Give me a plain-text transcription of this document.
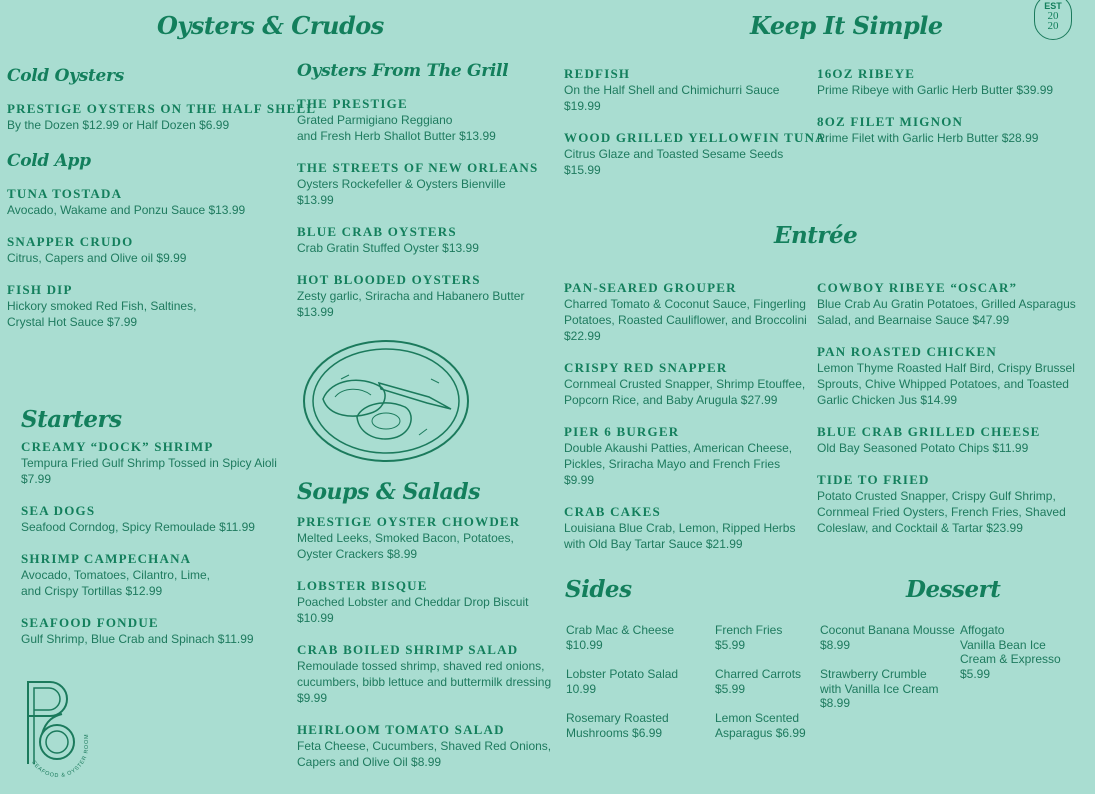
EST
20
20
Oysters & Crudos
Cold Oysters
PRESTIGE OYSTERS ON THE HALF SHELL
By the Dozen $12.99 or Half Dozen $6.99
Cold App
TUNA TOSTADA
Avocado, Wakame and Ponzu Sauce $13.99
SNAPPER CRUDO
Citrus, Capers and Olive oil $9.99
FISH DIP
Hickory smoked Red Fish, Saltines,
Crystal Hot Sauce $7.99
Starters
CREAMY “DOCK” SHRIMP
Tempura Fried Gulf Shrimp Tossed in Spicy Aioli
$7.99
SEA DOGS
Seafood Corndog, Spicy Remoulade $11.99
SHRIMP CAMPECHANA
Avocado, Tomatoes, Cilantro, Lime,
and Crispy Tortillas $12.99
SEAFOOD FONDUE
Gulf Shrimp, Blue Crab and Spinach $11.99
SEAFOOD & OYSTER ROOM
Oysters From The Grill
THE PRESTIGE
Grated Parmigiano Reggiano
and Fresh Herb Shallot Butter $13.99
THE STREETS OF NEW ORLEANS
Oysters Rockefeller & Oysters Bienville
$13.99
BLUE CRAB OYSTERS
Crab Gratin Stuffed Oyster $13.99
HOT BLOODED OYSTERS
Zesty garlic, Sriracha and Habanero Butter
$13.99
Soups & Salads
PRESTIGE OYSTER CHOWDER
Melted Leeks, Smoked Bacon, Potatoes,
Oyster Crackers $8.99
LOBSTER BISQUE
Poached Lobster and Cheddar Drop Biscuit
$10.99
CRAB BOILED SHRIMP SALAD
Remoulade tossed shrimp, shaved red onions,
cucumbers, bibb lettuce and buttermilk dressing
$9.99
HEIRLOOM TOMATO SALAD
Feta Cheese, Cucumbers, Shaved Red Onions,
Capers and Olive Oil $8.99
Keep It Simple
REDFISH
On the Half Shell and Chimichurri Sauce
$19.99
WOOD GRILLED YELLOWFIN TUNA
Citrus Glaze and Toasted Sesame Seeds
$15.99
16OZ RIBEYE
Prime Ribeye with Garlic Herb Butter $39.99
8OZ FILET MIGNON
Prime Filet with Garlic Herb Butter $28.99
Entrée
PAN-SEARED GROUPER
Charred Tomato & Coconut Sauce, Fingerling
Potatoes, Roasted Cauliflower, and Broccolini
$22.99
CRISPY RED SNAPPER
Cornmeal Crusted Snapper, Shrimp Etouffee,
Popcorn Rice, and Baby Arugula $27.99
PIER 6 BURGER
Double Akaushi Patties, American Cheese,
Pickles, Sriracha Mayo and French Fries
$9.99
CRAB CAKES
Louisiana Blue Crab, Lemon, Ripped Herbs
with Old Bay Tartar Sauce $21.99
COWBOY RIBEYE “OSCAR”
Blue Crab Au Gratin Potatoes, Grilled Asparagus
Salad, and Bearnaise Sauce $47.99
PAN ROASTED CHICKEN
Lemon Thyme Roasted Half Bird, Crispy Brussel
Sprouts, Chive Whipped Potatoes, and Toasted
Garlic Chicken Jus $14.99
BLUE CRAB GRILLED CHEESE
Old Bay Seasoned Potato Chips $11.99
TIDE TO FRIED
Potato Crusted Snapper, Crispy Gulf Shrimp,
Cornmeal Fried Oysters, French Fries, Shaved
Coleslaw, and Cocktail & Tartar $23.99
Sides
Crab Mac & Cheese
$10.99
Lobster Potato Salad
10.99
Rosemary Roasted
Mushrooms $6.99
French Fries
$5.99
Charred Carrots
$5.99
Lemon Scented
Asparagus $6.99
Dessert
Coconut Banana Mousse
$8.99
Strawberry Crumble
with Vanilla Ice Cream
$8.99
Affogato
Vanilla Bean Ice
Cream & Expresso
$5.99
